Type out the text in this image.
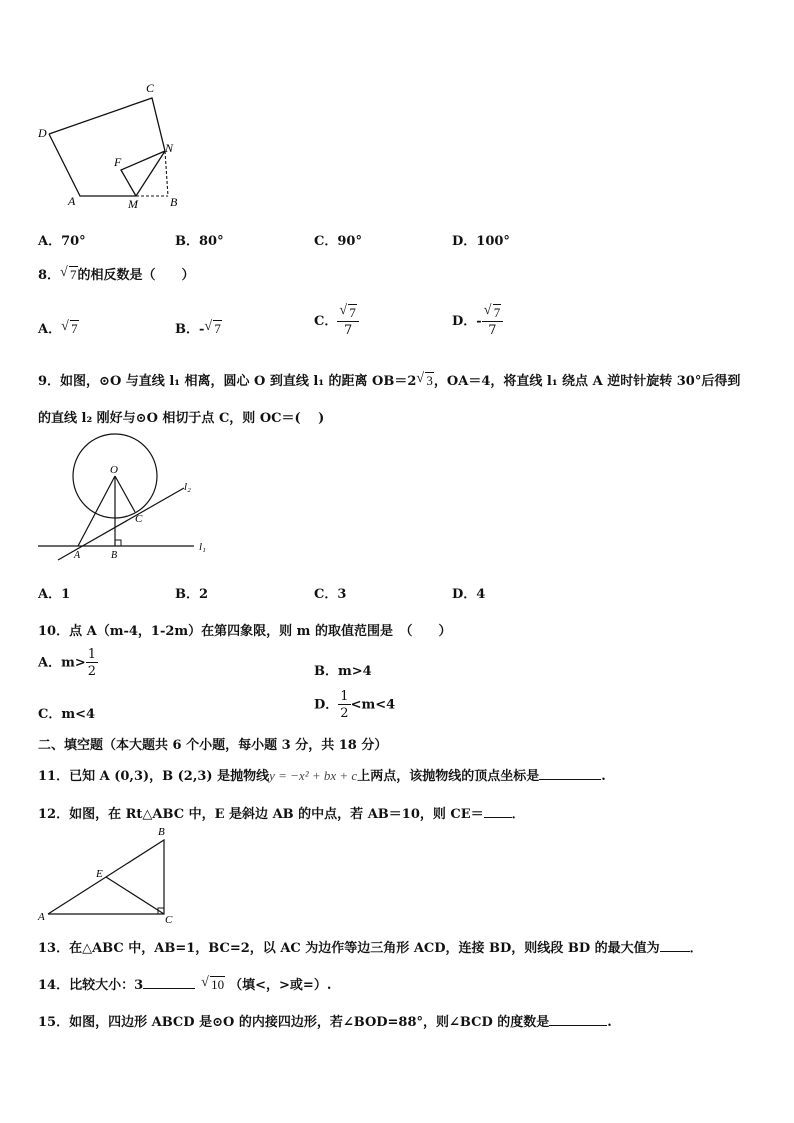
C
D
F
N
A	M	B
A．70°	B．80°	C．90°	D．100°
8． √ 7的相反数是（　　）
A． √ 7	B．- √ 7	C． √ $\frac{7}{7}$	D．- √ $\frac{7}{7}$
9．如图，⊙O 与直线 l₁ 相离，圆心 O 到直线 l₁ 的距离 OB＝2 √ 3，OA＝4，将直线 l₁ 绕点 A 逆时针旋转 30°后得到
的直线 l₂ 刚好与⊙O 相切于点 C，则 OC＝(　 )
O
C
A	B
l₁
l₂
A．1	B．2	C．3	D．4
10．点 A（m-4，1-2m）在第四象限，则 m 的取值范围是　（　　）
A．$m> \frac{1}{2}$	B．m>4
C．m<4
D． $\frac{1}{2} <m<4$
二、填空题（本大题共 6 个小题，每小题 3 分，共 18 分）
11．已知 A (0,3)，B (2,3) 是抛物线y = −x² + bx + c上两点，该抛物线的顶点坐标是	.
12．如图，在 Rt△ABC 中，E 是斜边 AB 的中点，若 AB＝10，则 CE＝ ．
A
B
C
E
13．在△ABC 中，AB=1，BC=2，以 AC 为边作等边三角形 ACD，连接 BD，则线段 BD 的最大值为 ．
14．比较大小：3	√ 10 （填<，>或=）.
15．如图，四边形 ABCD 是⊙O 的内接四边形，若∠BOD=88°，则∠BCD 的度数是	.
